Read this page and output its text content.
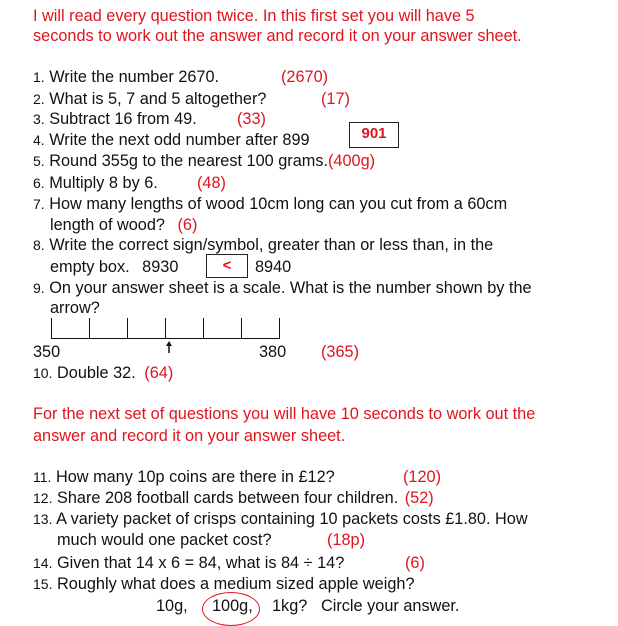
I will read every question twice. In this first set you will have 5
seconds to work out the answer and record it on your answer sheet.
1. Write the number 2670.	(2670)
2. What is 5, 7 and 5 altogether?	(17)
3. Subtract 16 from 49. (33)
4. Write the next odd number after 899	901
5. Round 355g to the nearest 100 grams.(400g)
6. Multiply 8 by 6. (48)
7. How many lengths of wood 10cm long can you cut from a 60cm
length of wood? (6)
8. Write the correct sign/symbol, greater than or less than, in the
empty box. 8930	<	8940
9. On your answer sheet is a scale. What is the number shown by the
arrow?
350	380 (365)
10. Double 32. (64)
For the next set of questions you will have 10 seconds to work out the
answer and record it on your answer sheet.
11. How many 10p coins are there in £12?	(120)
12. Share 208 football cards between four children. (52)
13. A variety packet of crisps containing 10 packets costs £1.80. How
much would one packet cost?	(18p)
14. Given that 14 x 6 = 84, what is 84 ÷ 14?	(6)
15. Roughly what does a medium sized apple weigh?
10g, 100g, 1kg? Circle your answer.
